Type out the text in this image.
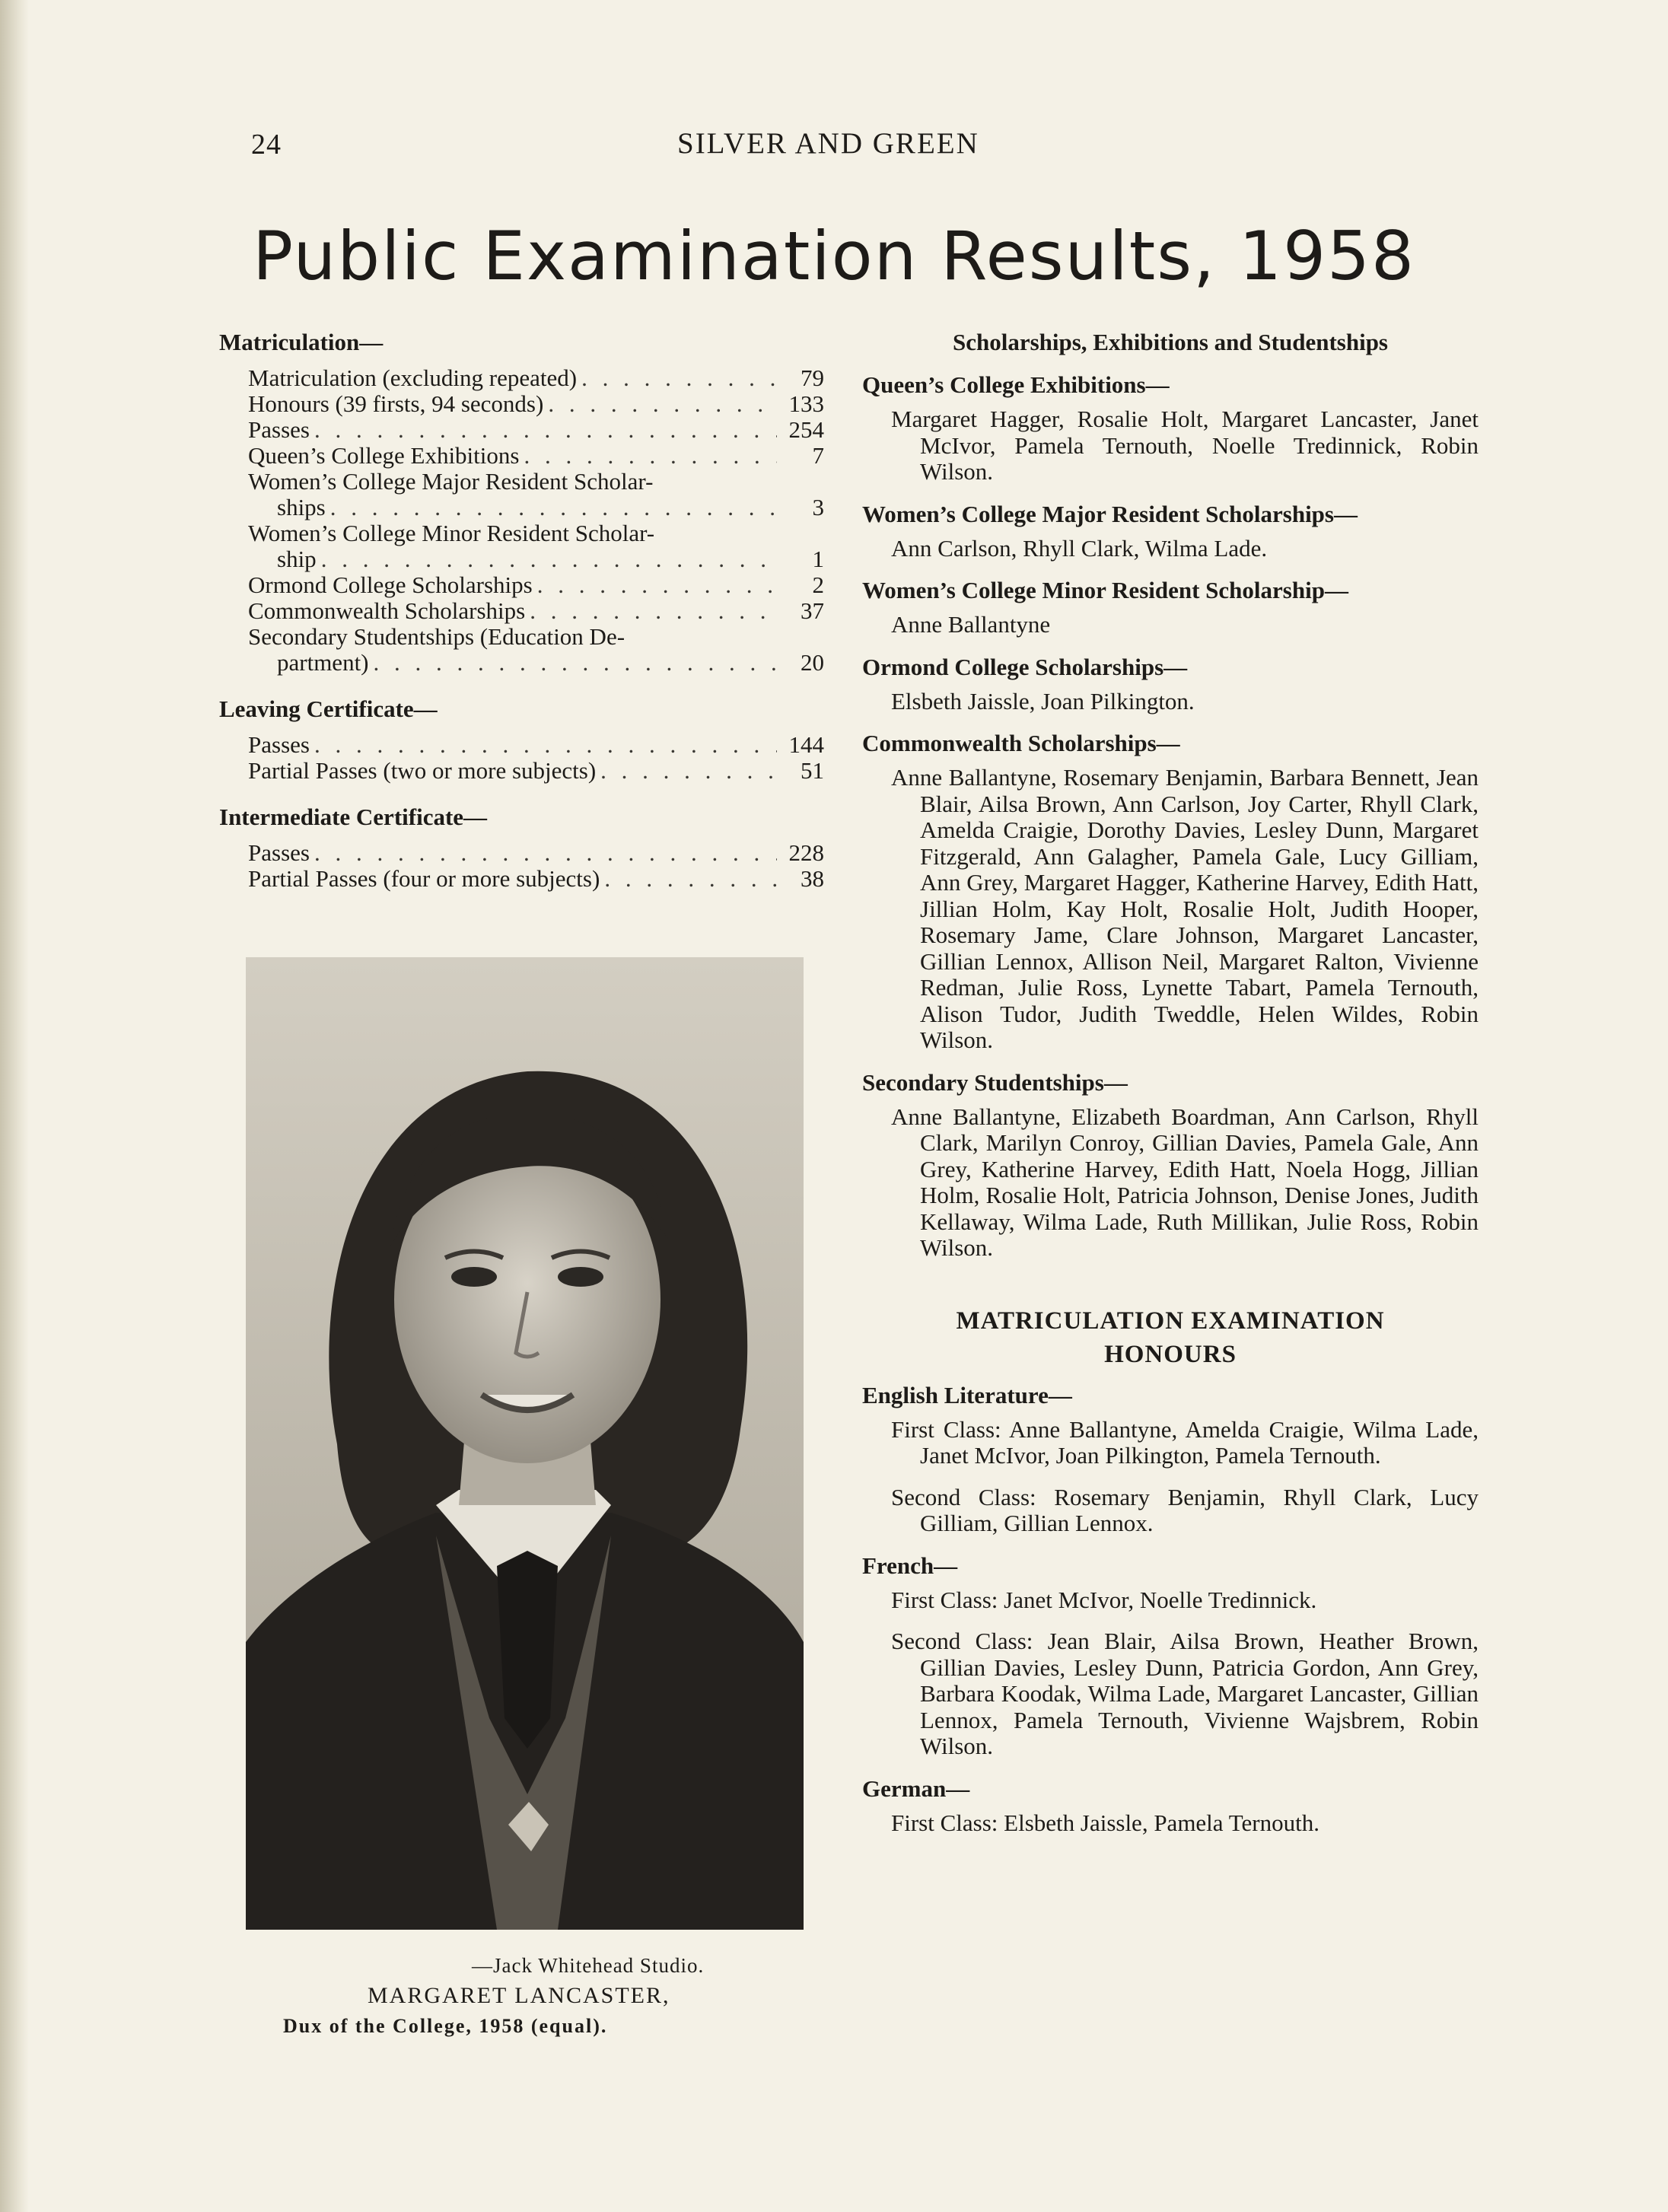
24	SILVER AND GREEN
Public Examination Results, 1958
Matriculation—
Matriculation (excluding repeated) . . .	79
Honours (39 firsts, 94 seconds) . . .	133
Passes . . .	254
Queen’s College Exhibitions . . .	7
Women’s College Major Resident Scholar-
ships . . .	3
Women’s College Minor Resident Scholar-
ship . . .	1
Ormond College Scholarships . . .	2
Commonwealth Scholarships . . .	37
Secondary Studentships (Education De-
partment) . . .	20
Leaving Certificate—
Passes . . .	144
Partial Passes (two or more subjects) . . .	51
Intermediate Certificate—
Passes . . .	228
Partial Passes (four or more subjects) . . .	38
—Jack Whitehead Studio.
MARGARET LANCASTER,
Dux of the College, 1958 (equal).
Scholarships, Exhibitions and Studentships
Queen’s College Exhibitions—
Margaret Hagger, Rosalie Holt, Margaret Lancaster, Janet McIvor, Pamela Ternouth, Noelle Tredinnick, Robin Wilson.
Women’s College Major Resident Scholarships—
Ann Carlson, Rhyll Clark, Wilma Lade.
Women’s College Minor Resident Scholarship—
Anne Ballantyne
Ormond College Scholarships—
Elsbeth Jaissle, Joan Pilkington.
Commonwealth Scholarships—
Anne Ballantyne, Rosemary Benjamin, Barbara Bennett, Jean Blair, Ailsa Brown, Ann Carlson, Joy Carter, Rhyll Clark, Amelda Craigie, Dorothy Davies, Lesley Dunn, Margaret Fitzgerald, Ann Galagher, Pamela Gale, Lucy Gilliam, Ann Grey, Margaret Hagger, Katherine Harvey, Edith Hatt, Jillian Holm, Kay Holt, Rosalie Holt, Judith Hooper, Rosemary Jame, Clare Johnson, Margaret Lancaster, Gillian Lennox, Allison Neil, Margaret Ralton, Vivienne Redman, Julie Ross, Lynette Tabart, Pamela Ternouth, Alison Tudor, Judith Tweddle, Helen Wildes, Robin Wilson.
Secondary Studentships—
Anne Ballantyne, Elizabeth Boardman, Ann Carlson, Rhyll Clark, Marilyn Conroy, Gillian Davies, Pamela Gale, Ann Grey, Katherine Harvey, Edith Hatt, Noela Hogg, Jillian Holm, Rosalie Holt, Patricia Johnson, Denise Jones, Judith Kellaway, Wilma Lade, Ruth Millikan, Julie Ross, Robin Wilson.
MATRICULATION EXAMINATION
HONOURS
English Literature—
First Class: Anne Ballantyne, Amelda Craigie, Wilma Lade, Janet McIvor, Joan Pilkington, Pamela Ternouth.
Second Class: Rosemary Benjamin, Rhyll Clark, Lucy Gilliam, Gillian Lennox.
French—
First Class: Janet McIvor, Noelle Tredinnick.
Second Class: Jean Blair, Ailsa Brown, Heather Brown, Gillian Davies, Lesley Dunn, Patricia Gordon, Ann Grey, Barbara Koodak, Wilma Lade, Margaret Lancaster, Gillian Lennox, Pamela Ternouth, Vivienne Wajsbrem, Robin Wilson.
German—
First Class: Elsbeth Jaissle, Pamela Ternouth.
